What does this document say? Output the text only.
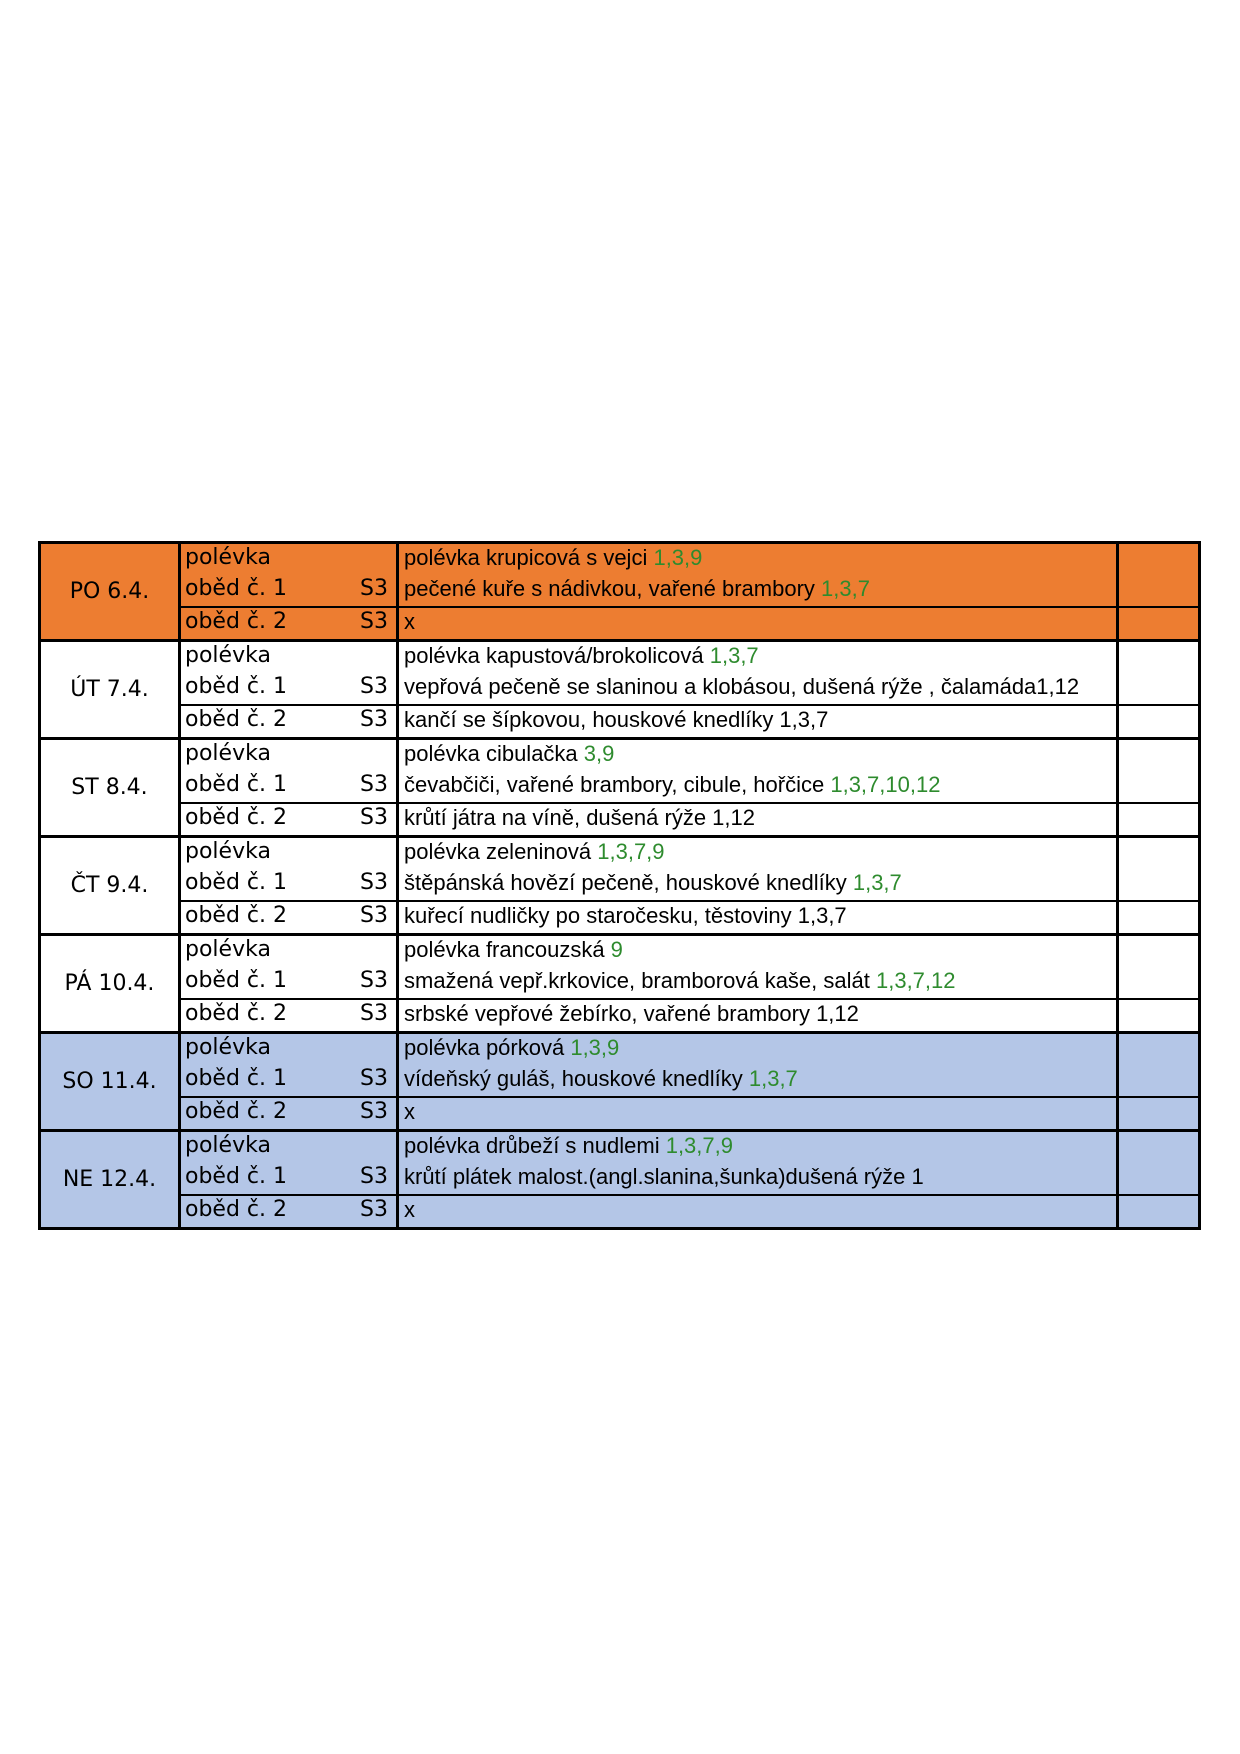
PO 6.4.	polévka		polévka krupicová s vejci 1,3,9	
	oběd č. 1	S3	pečené kuře s nádivkou, vařené brambory 1,3,7	
	oběd č. 2	S3	x	
ÚT 7.4.	polévka		polévka kapustová/brokolicová 1,3,7	
	oběd č. 1	S3	vepřová pečeně se slaninou a klobásou, dušená rýže , čalamáda1,12	
	oběd č. 2	S3	kančí se šípkovou, houskové knedlíky 1,3,7	
ST 8.4.	polévka		polévka cibulačka 3,9	
	oběd č. 1	S3	čevabčiči, vařené brambory, cibule, hořčice 1,3,7,10,12	
	oběd č. 2	S3	krůtí játra na víně, dušená rýže 1,12	
ČT 9.4.	polévka		polévka zeleninová 1,3,7,9	
	oběd č. 1	S3	štěpánská hovězí pečeně, houskové knedlíky 1,3,7	
	oběd č. 2	S3	kuřecí nudličky po staročesku, těstoviny 1,3,7	
PÁ 10.4.	polévka		polévka francouzská 9	
	oběd č. 1	S3	smažená vepř.krkovice, bramborová kaše, salát 1,3,7,12	
	oběd č. 2	S3	srbské vepřové žebírko, vařené brambory 1,12	
SO 11.4.	polévka		polévka pórková 1,3,9	
	oběd č. 1	S3	vídeňský guláš, houskové knedlíky 1,3,7	
	oběd č. 2	S3	x	
NE 12.4.	polévka		polévka drůbeží s nudlemi 1,3,7,9	
	oběd č. 1	S3	krůtí plátek malost.(angl.slanina,šunka)dušená rýže 1	
	oběd č. 2	S3	x	
